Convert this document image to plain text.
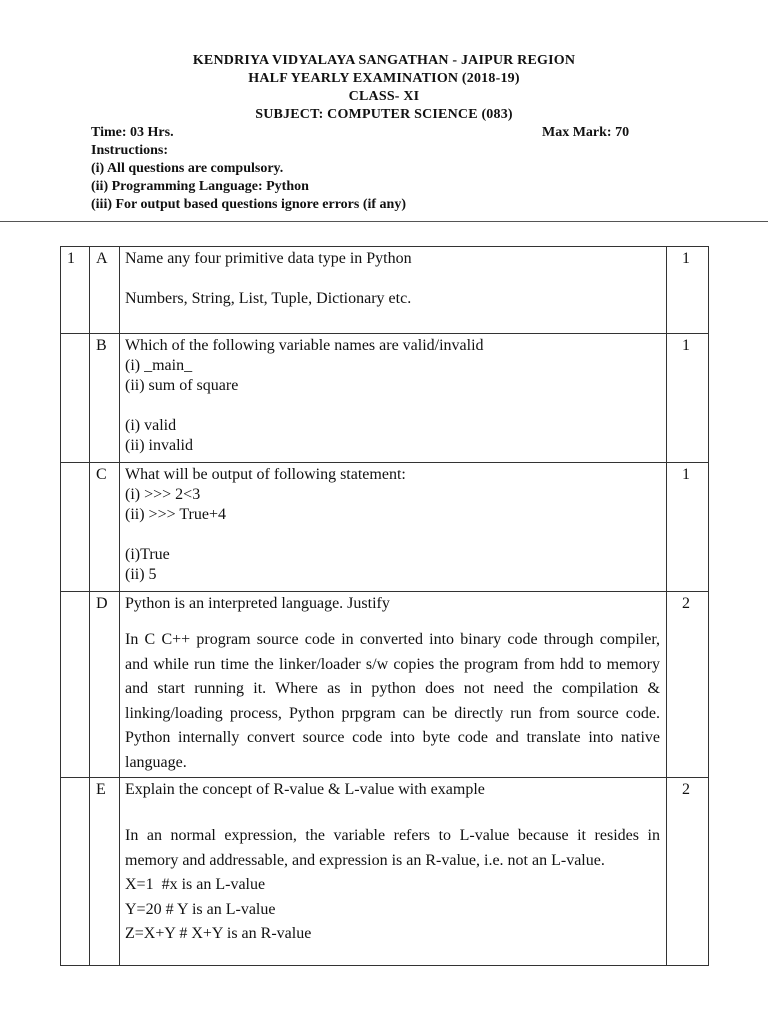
KENDRIYA VIDYALAYA SANGATHAN - JAIPUR REGION
HALF YEARLY EXAMINATION (2018-19)
CLASS- XI
SUBJECT: COMPUTER SCIENCE (083)
Time: 03 Hrs.	Max Mark: 70
Instructions:
(i) All questions are compulsory.
(ii) Programming Language: Python
(iii) For output based questions ignore errors (if any)
1	A	Name any four primitive data type in Python
Numbers, String, List, Tuple, Dictionary etc.	1
	B	Which of the following variable names are valid/invalid
(i) _main_
(ii) sum of square
(i) valid
(ii) invalid	1
	C	What will be output of following statement:
(i) >>> 2<3
(ii) >>> True+4
(i)True
(ii) 5	1
	D	Python is an interpreted language. Justify
In C C++ program source code in converted into binary code through compiler, and while run time the linker/loader s/w copies the program from hdd to memory and start running it. Where as in python does not need the compilation & linking/loading process, Python prpgram can be directly run from source code. Python internally convert source code into byte code and translate into native language.	2
	E	Explain the concept of R-value & L-value with example
In an normal expression, the variable refers to L-value because it resides in memory and addressable, and expression is an R-value, i.e. not an L-value.
X=1  #x is an L-value
Y=20 # Y is an L-value
Z=X+Y # X+Y is an R-value	2
